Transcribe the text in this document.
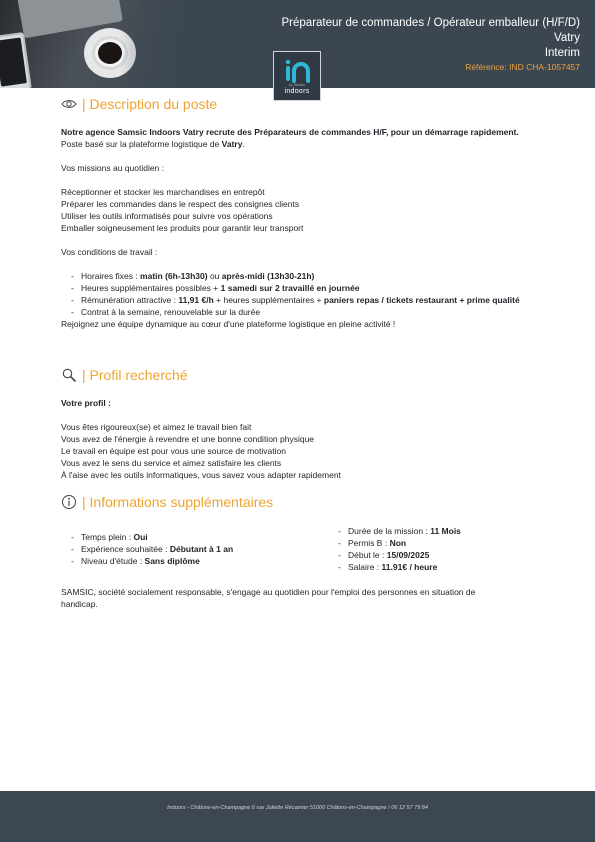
Préparateur de commandes / Opérateur emballeur (H/F/D)
Vatry
Interim
Référence: IND CHA-1057457
by Samsic
indoors
| Description du poste

Notre agence Samsic Indoors Vatry recrute des Préparateurs de commandes H/F, pour un démarrage rapidement.

Poste basé sur la plateforme logistique de Vatry.

Vos missions au quotidien :

Réceptionner et stocker les marchandises en entrepôt

Préparer les commandes dans le respect des consignes clients

Utiliser les outils informatisés pour suivre vos opérations

Emballer soigneusement les produits pour garantir leur transport

Vos conditions de travail :

- Horaires fixes : matin (6h-13h30) ou après-midi (13h30-21h)
- Heures supplémentaires possibles + 1 samedi sur 2 travaillé en journée
- Rémunération attractive : 11,91 €/h + heures supplémentaires + paniers repas / tickets restaurant + prime qualité
- Contrat à la semaine, renouvelable sur la durée

Rejoignez une équipe dynamique au cœur d'une plateforme logistique en pleine activité !

| Profil recherché

Votre profil :

Vous êtes rigoureux(se) et aimez le travail bien fait

Vous avez de l'énergie à revendre et une bonne condition physique

Le travail en équipe est pour vous une source de motivation

Vous avez le sens du service et aimez satisfaire les clients

À l'aise avec les outils informatiques, vous savez vous adapter rapidement

| Informations supplémentaires
- Temps plein : Oui
- Expérience souhaitée : Débutant à 1 an
- Niveau d'étude : Sans diplôme
- Durée de la mission : 11 Mois
- Permis B : Non
- Début le : 15/09/2025
- Salaire : 11.91€ / heure

SAMSIC, société socialement responsable, s'engage au quotidien pour l'emploi des personnes en situation de handicap.

Indoors - Châlons-en-Champagne 6 rue Juliette Récamier 51000 Châlons-en-Champagne / 06 12 57 79 84
